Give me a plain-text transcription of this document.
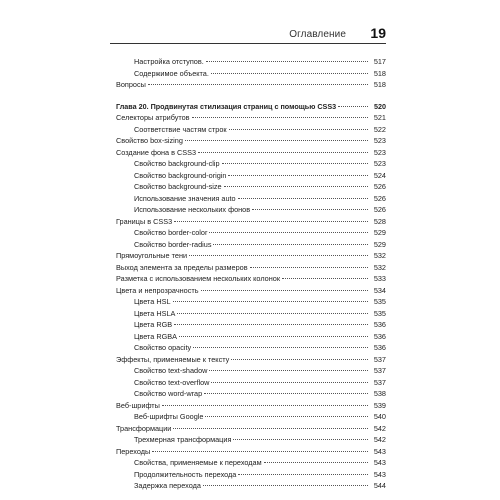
Оглавление 19
Настройка отступов.	517
Содержимое объекта.	518
Вопросы	518
Глава 20. Продвинутая стилизация страниц с помощью CSS3	520
Селекторы атрибутов	521
Соответствие частям строк	522
Свойство box-sizing	523
Создание фона в CSS3	523
Свойство background-clip	523
Свойство background-origin	524
Свойство background-size	526
Использование значения auto	526
Использование нескольких фонов	526
Границы в CSS3	528
Свойство border-color	529
Свойство border-radius	529
Прямоугольные тени	532
Выход элемента за пределы размеров	532
Разметка с использованием нескольких колонок	533
Цвета и непрозрачность	534
Цвета HSL	535
Цвета HSLA	535
Цвета RGB	536
Цвета RGBA	536
Свойство opacity	536
Эффекты, применяемые к тексту	537
Свойство text-shadow	537
Свойство text-overflow	537
Свойство word-wrap	538
Веб-шрифты	539
Веб-шрифты Google	540
Трансформации	542
Трехмерная трансформация	542
Переходы	543
Свойства, применяемые к переходам	543
Продолжительность перехода	543
Задержка перехода	544
